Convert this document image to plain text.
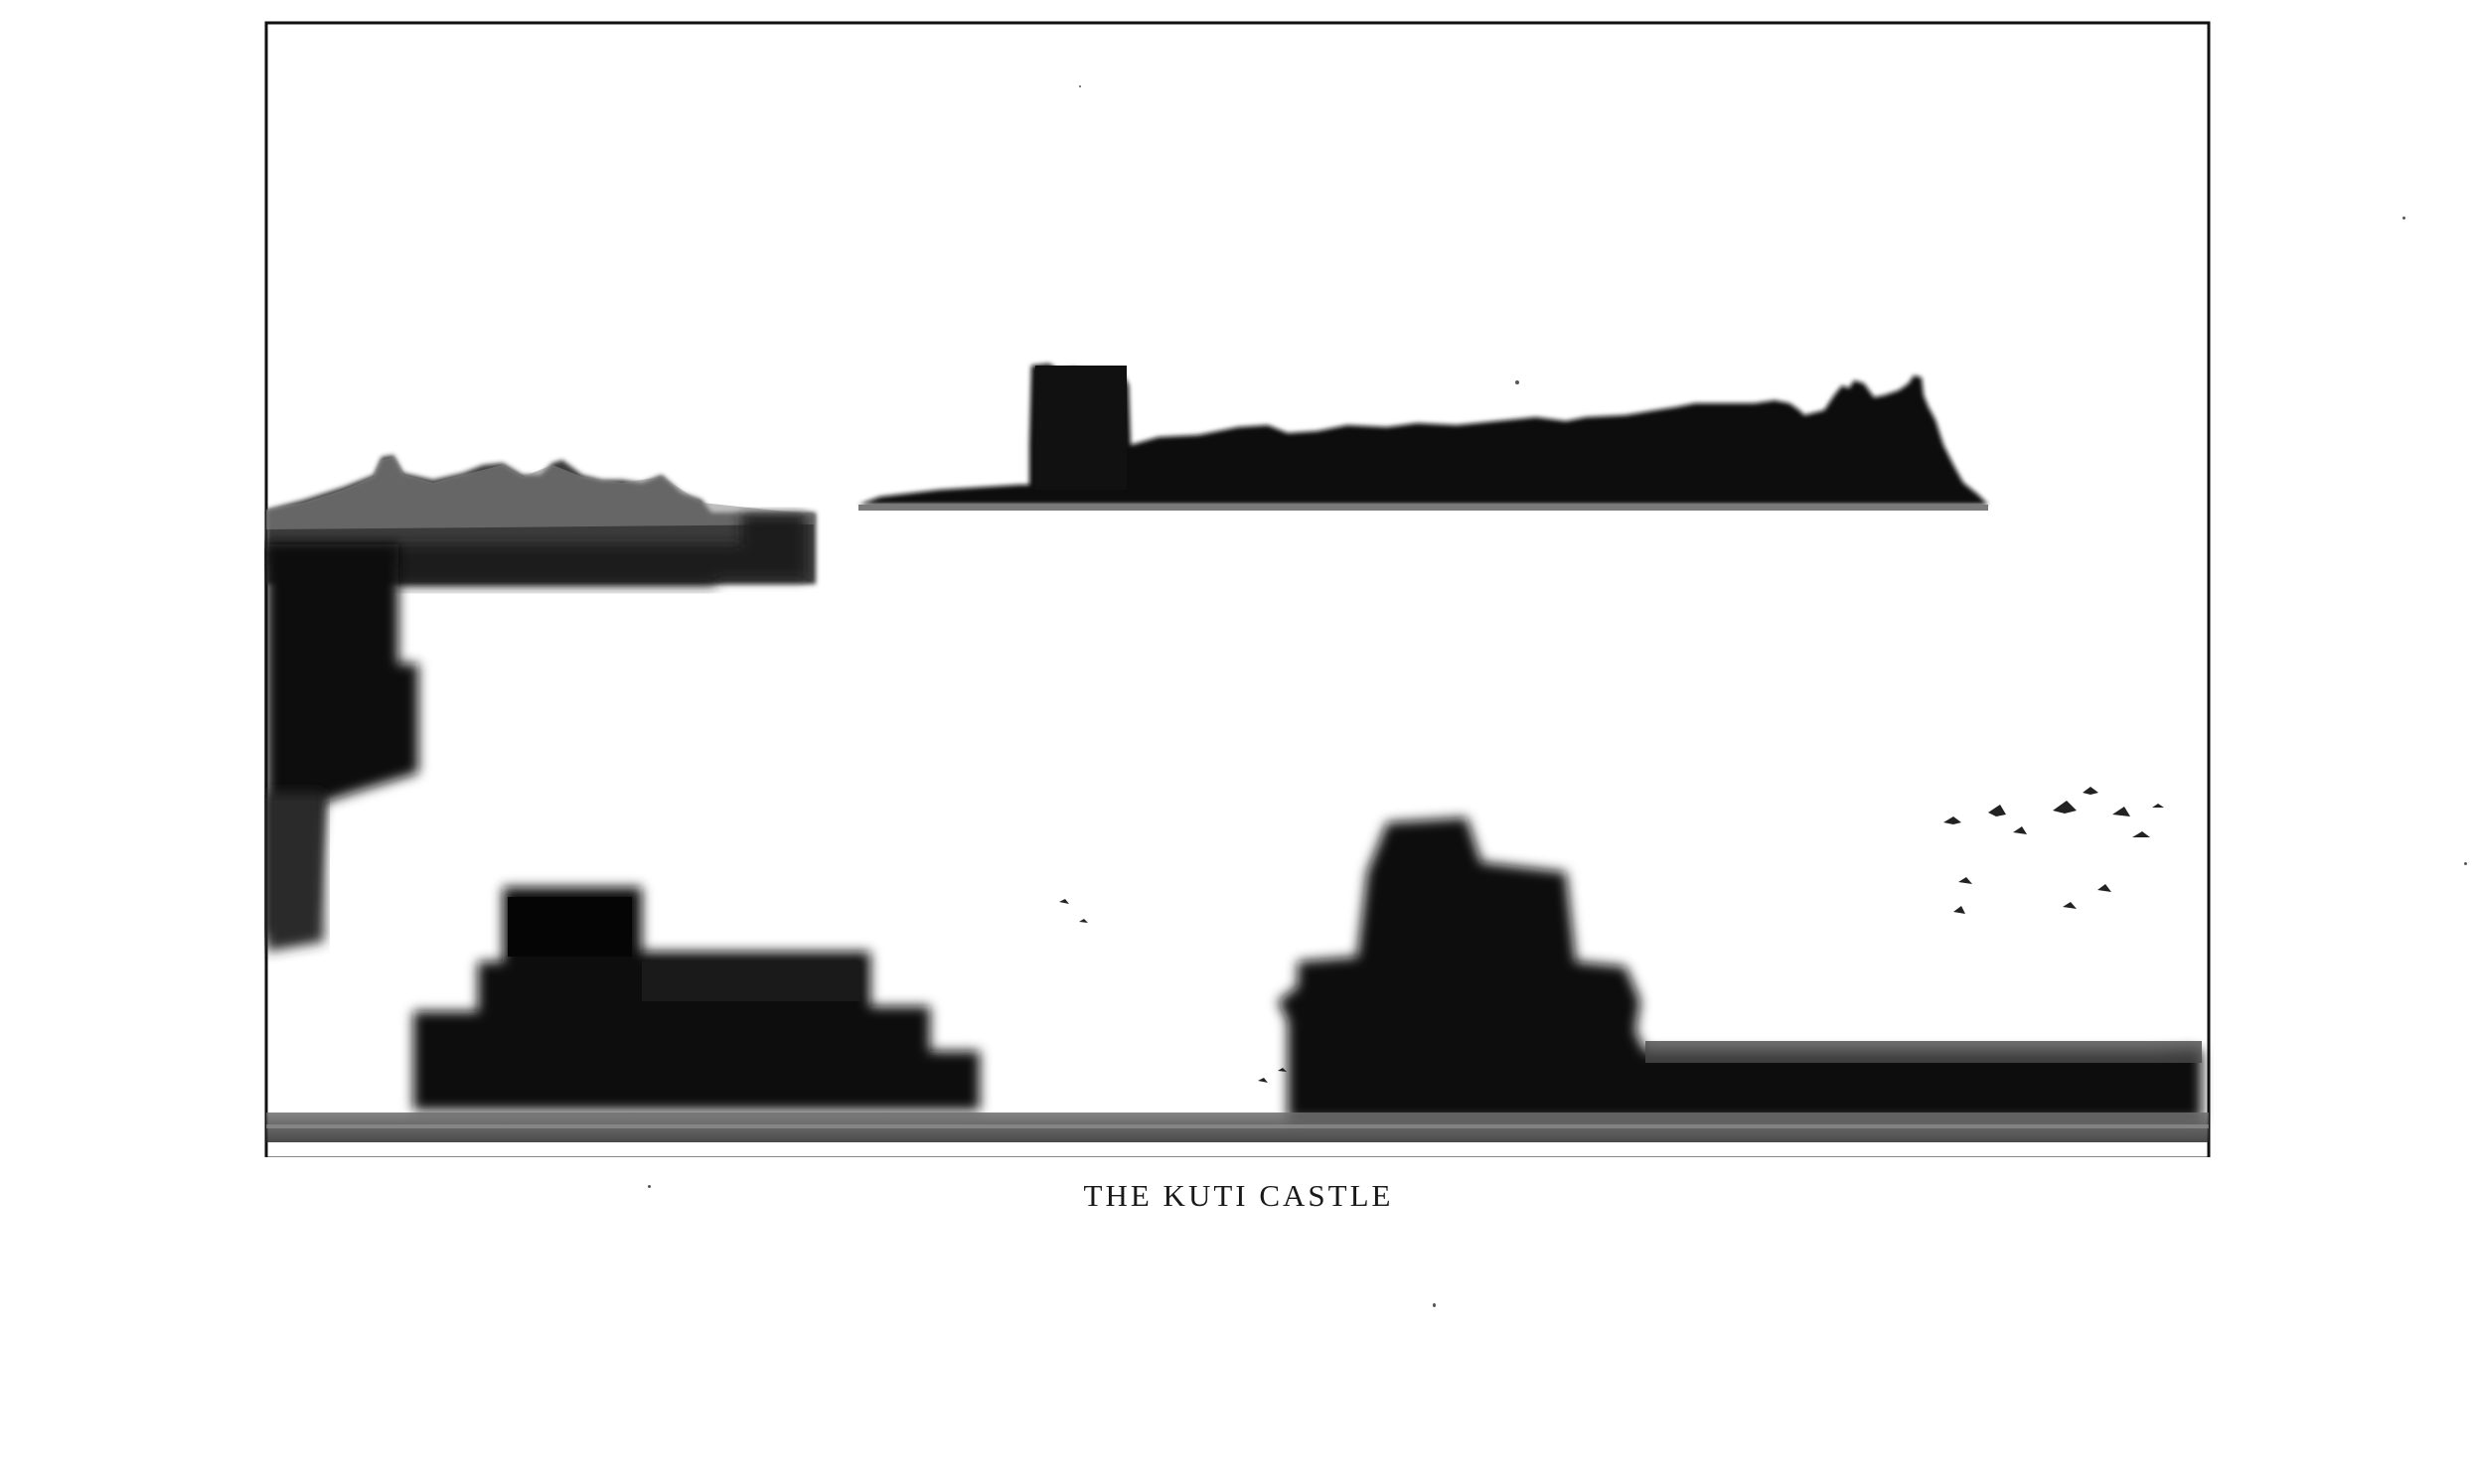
THE KUTI CASTLE
